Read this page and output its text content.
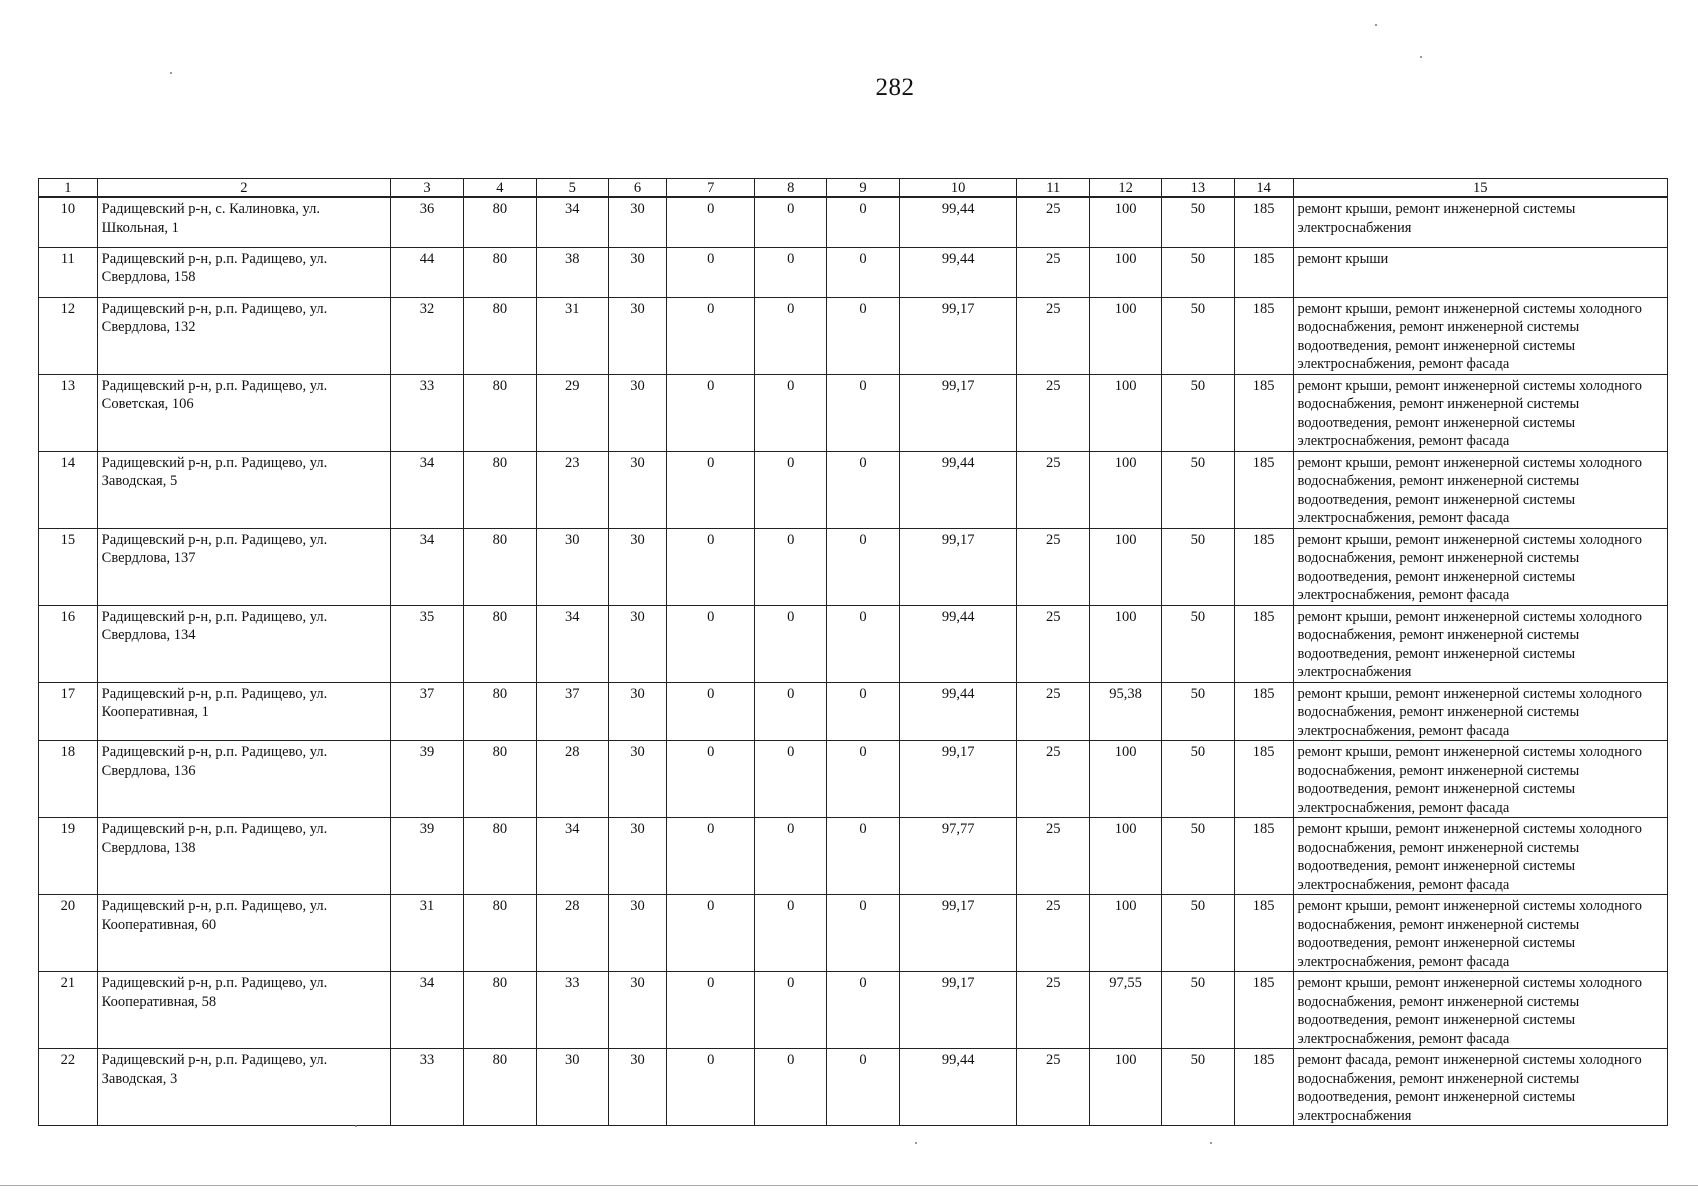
282
1	2	3	4	5	6	7	8	9	10	11	12	13	14	15
10	Радищевский р-н, с. Калиновка, ул. Школьная, 1	36	80	34	30	0	0	0	99,44	25	100	50	185	ремонт крыши, ремонт инженерной системы электроснабжения
11	Радищевский р-н, р.п. Радищево, ул. Свердлова, 158	44	80	38	30	0	0	0	99,44	25	100	50	185	ремонт крыши
12	Радищевский р-н, р.п. Радищево, ул. Свердлова, 132	32	80	31	30	0	0	0	99,17	25	100	50	185	ремонт крыши, ремонт инженерной системы холодного водоснабжения, ремонт инженерной системы водоотведения, ремонт инженерной системы электроснабжения, ремонт фасада
13	Радищевский р-н, р.п. Радищево, ул. Советская, 106	33	80	29	30	0	0	0	99,17	25	100	50	185	ремонт крыши, ремонт инженерной системы холодного водоснабжения, ремонт инженерной системы водоотведения, ремонт инженерной системы электроснабжения, ремонт фасада
14	Радищевский р-н, р.п. Радищево, ул. Заводская, 5	34	80	23	30	0	0	0	99,44	25	100	50	185	ремонт крыши, ремонт инженерной системы холодного водоснабжения, ремонт инженерной системы водоотведения, ремонт инженерной системы электроснабжения, ремонт фасада
15	Радищевский р-н, р.п. Радищево, ул. Свердлова, 137	34	80	30	30	0	0	0	99,17	25	100	50	185	ремонт крыши, ремонт инженерной системы холодного водоснабжения, ремонт инженерной системы водоотведения, ремонт инженерной системы электроснабжения, ремонт фасада
16	Радищевский р-н, р.п. Радищево, ул. Свердлова, 134	35	80	34	30	0	0	0	99,44	25	100	50	185	ремонт крыши, ремонт инженерной системы холодного водоснабжения, ремонт инженерной системы водоотведения, ремонт инженерной системы электроснабжения
17	Радищевский р-н, р.п. Радищево, ул. Кооперативная, 1	37	80	37	30	0	0	0	99,44	25	95,38	50	185	ремонт крыши, ремонт инженерной системы холодного водоснабжения, ремонт инженерной системы электроснабжения, ремонт фасада
18	Радищевский р-н, р.п. Радищево, ул. Свердлова, 136	39	80	28	30	0	0	0	99,17	25	100	50	185	ремонт крыши, ремонт инженерной системы холодного водоснабжения, ремонт инженерной системы водоотведения, ремонт инженерной системы электроснабжения, ремонт фасада
19	Радищевский р-н, р.п. Радищево, ул. Свердлова, 138	39	80	34	30	0	0	0	97,77	25	100	50	185	ремонт крыши, ремонт инженерной системы холодного водоснабжения, ремонт инженерной системы водоотведения, ремонт инженерной системы электроснабжения, ремонт фасада
20	Радищевский р-н, р.п. Радищево, ул. Кооперативная, 60	31	80	28	30	0	0	0	99,17	25	100	50	185	ремонт крыши, ремонт инженерной системы холодного водоснабжения, ремонт инженерной системы водоотведения, ремонт инженерной системы электроснабжения, ремонт фасада
21	Радищевский р-н, р.п. Радищево, ул. Кооперативная, 58	34	80	33	30	0	0	0	99,17	25	97,55	50	185	ремонт крыши, ремонт инженерной системы холодного водоснабжения, ремонт инженерной системы водоотведения, ремонт инженерной системы электроснабжения, ремонт фасада
22	Радищевский р-н, р.п. Радищево, ул. Заводская, 3	33	80	30	30	0	0	0	99,44	25	100	50	185	ремонт фасада, ремонт инженерной системы холодного водоснабжения, ремонт инженерной системы водоотведения, ремонт инженерной системы электроснабжения
